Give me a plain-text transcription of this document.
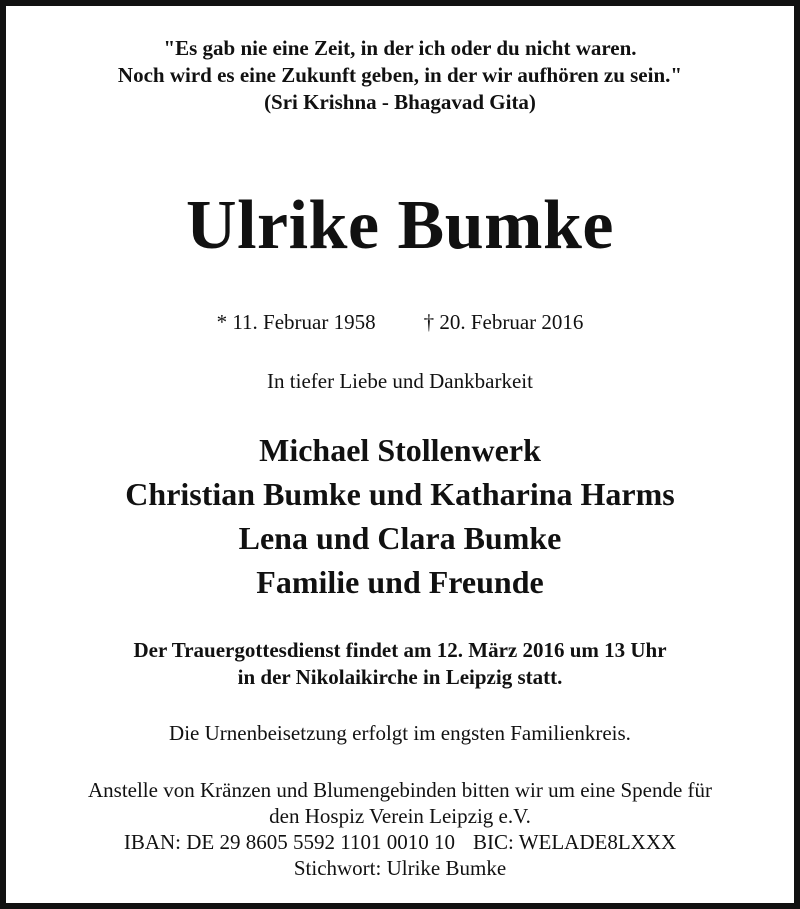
"Es gab nie eine Zeit, in der ich oder du nicht waren.
Noch wird es eine Zukunft geben, in der wir aufhören zu sein."
(Sri Krishna - Bhagavad Gita)
Ulrike Bumke
* 11. Februar 1958 † 20. Februar 2016
In tiefer Liebe und Dankbarkeit
Michael Stollenwerk
Christian Bumke und Katharina Harms
Lena und Clara Bumke
Familie und Freunde
Der Trauergottesdienst findet am 12. März 2016 um 13 Uhr
in der Nikolaikirche in Leipzig statt.
Die Urnenbeisetzung erfolgt im engsten Familienkreis.
Anstelle von Kränzen und Blumengebinden bitten wir um eine Spende für
den Hospiz Verein Leipzig e.V.
IBAN: DE 29 8605 5592 1101 0010 10 BIC: WELADE8LXXX
Stichwort: Ulrike Bumke
